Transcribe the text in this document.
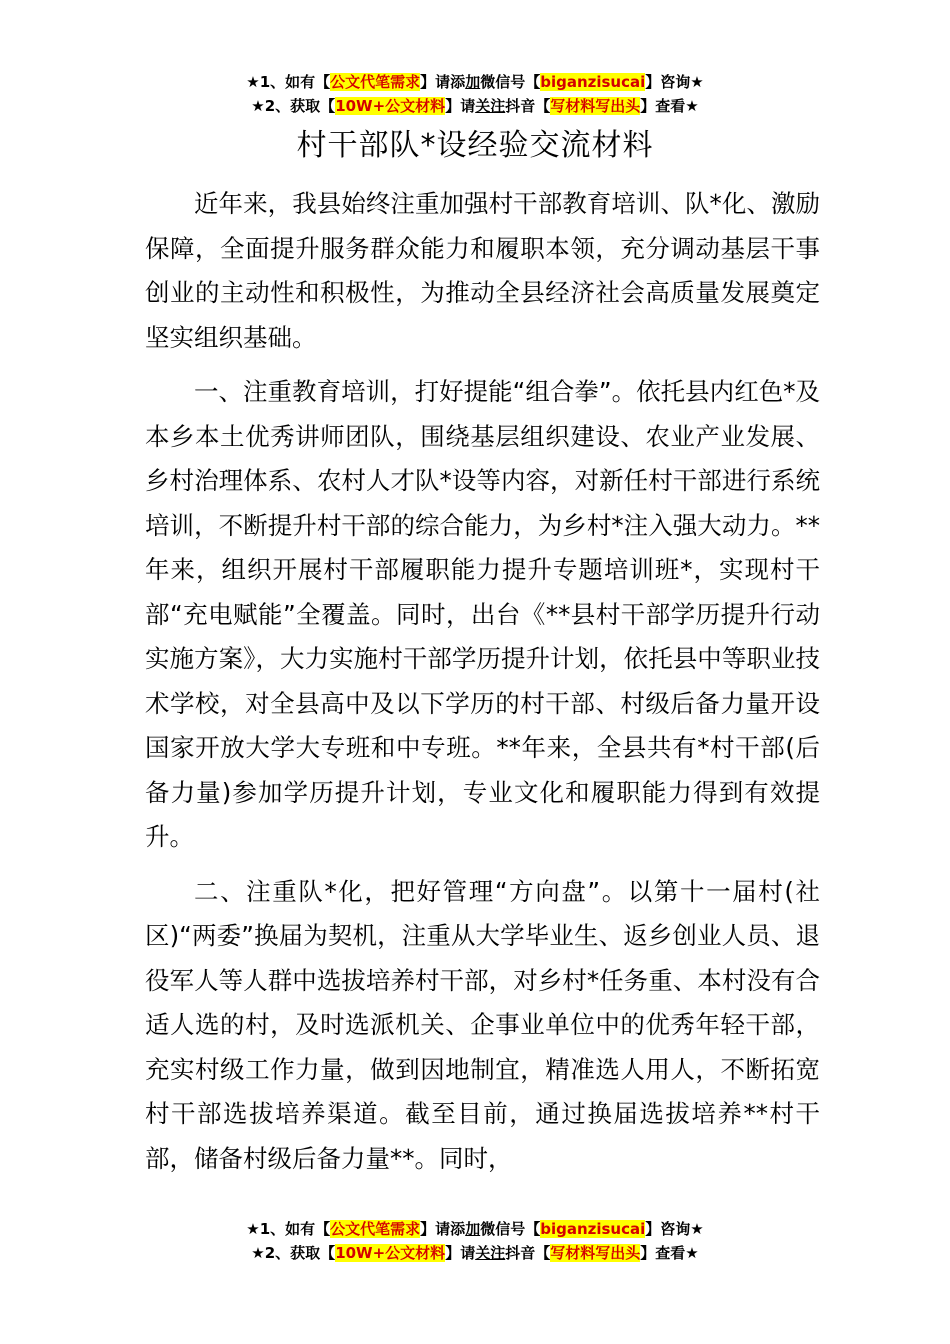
★1、如有【公文代笔需求】请添加微信号【biganzisucai】咨询★
★2、获取【10W+公文材料】请关注抖音【写材料写出头】查看★
村干部队*设经验交流材料

近年来，我县始终注重加强村干部教育培训、队*化、激励保障，全面提升服务群众能力和履职本领，充分调动基层干事创业的主动性和积极性，为推动全县经济社会高质量发展奠定坚实组织基础。

一、注重教育培训，打好提能“组合拳”。依托县内红色*及本乡本土优秀讲师团队，围绕基层组织建设、农业产业发展、乡村治理体系、农村人才队*设等内容，对新任村干部进行系统培训，不断提升村干部的综合能力，为乡村*注入强大动力。**年来，组织开展村干部履职能力提升专题培训班*，实现村干部“充电赋能”全覆盖。同时，出台《**县村干部学历提升行动实施方案》，大力实施村干部学历提升计划，依托县中等职业技术学校，对全县高中及以下学历的村干部、村级后备力量开设国家开放大学大专班和中专班。**年来，全县共有*村干部(后备力量)参加学历提升计划，专业文化和履职能力得到有效提升。

二、注重队*化，把好管理“方向盘”。以第十一届村(社区)“两委”换届为契机，注重从大学毕业生、返乡创业人员、退役军人等人群中选拔培养村干部，对乡村*任务重、本村没有合适人选的村，及时选派机关、企事业单位中的优秀年轻干部，充实村级工作力量，做到因地制宜，精准选人用人，不断拓宽村干部选拔培养渠道。截至目前，通过换届选拔培养**村干部，储备村级后备力量**。同时，

★1、如有【公文代笔需求】请添加微信号【biganzisucai】咨询★
★2、获取【10W+公文材料】请关注抖音【写材料写出头】查看★
